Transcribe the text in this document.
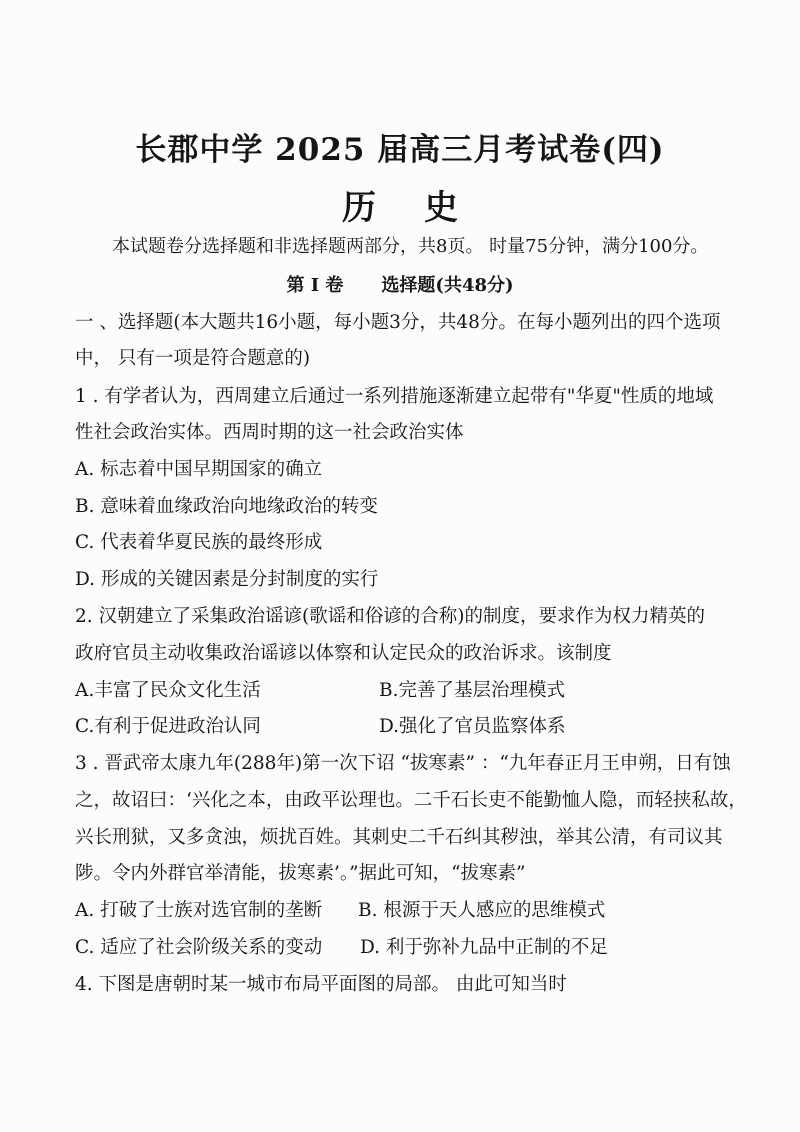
长郡中学 2025 届高三月考试卷(四)
历史
本试题卷分选择题和非选择题两部分，共8页。 时量75分钟，满分100分。
第 I 卷 选择题(共48分)
一 、选择题(本大题共16小题，每小题3分，共48分。在每小题列出的四个选项
中， 只有一项是符合题意的)
1 . 有学者认为，西周建立后通过一系列措施逐渐建立起带有"华夏"性质的地域
性社会政治实体。西周时期的这一社会政治实体
A. 标志着中国早期国家的确立
B. 意味着血缘政治向地缘政治的转变
C. 代表着华夏民族的最终形成
D. 形成的关键因素是分封制度的实行
2. 汉朝建立了采集政治谣谚(歌谣和俗谚的合称)的制度，要求作为权力精英的
政府官员主动收集政治谣谚以体察和认定民众的政治诉求。该制度
A.丰富了民众文化生活	B.完善了基层治理模式
C.有利于促进政治认同	D.强化了官员监察体系
3 . 晋武帝太康九年(288年)第一次下诏 “拔寒素” ：“九年春正月王申朔，日有蚀
之，故诏曰：‘兴化之本，由政平讼理也。二千石长吏不能勤恤人隐，而轻挟私故，
兴长刑狱，又多贪浊，烦扰百姓。其刺史二千石纠其秽浊，举其公清，有司议其
陟。令内外群官举清能，拔寒素’。”据此可知，“拔寒素”
A. 打破了士族对选官制的垄断 B. 根源于天人感应的思维模式
C. 适应了社会阶级关系的变动 D. 利于弥补九品中正制的不足
4. 下图是唐朝时某一城市布局平面图的局部。 由此可知当时
